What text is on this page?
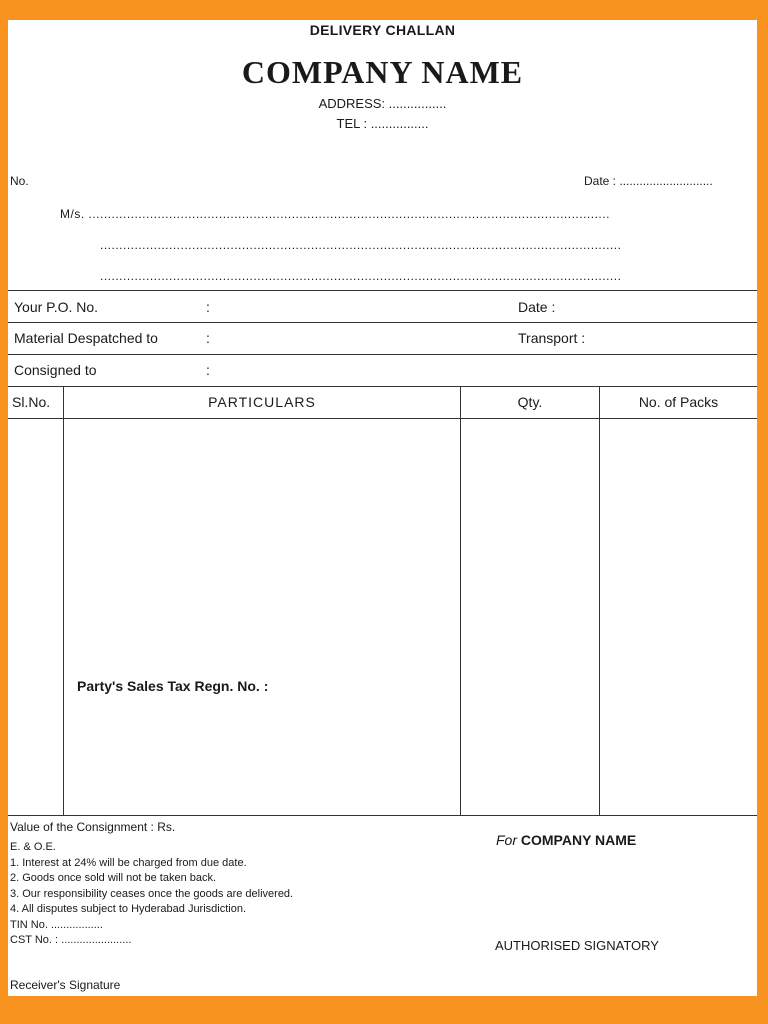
DELIVERY CHALLAN
COMPANY NAME
ADDRESS: ................
TEL : ................
No.	Date : ............................
M/s. ........................................................................................................................................
........................................................................................................................................
........................................................................................................................................
Your P.O. No.	:	Date :
Material Despatched to	:	Transport :
Consigned to	:
Sl.No.	PARTICULARS	Qty.	No. of Packs
Party's Sales Tax Regn. No. :
Value of the Consignment : Rs.
For COMPANY NAME
E. & O.E.
1. Interest at 24% will be charged from due date.
2. Goods once sold will not be taken back.
3. Our responsibility ceases once the goods are delivered.
4. All disputes subject to Hyderabad Jurisdiction.
TIN No. .................
CST No. : .......................	AUTHORISED SIGNATORY
Receiver's Signature
